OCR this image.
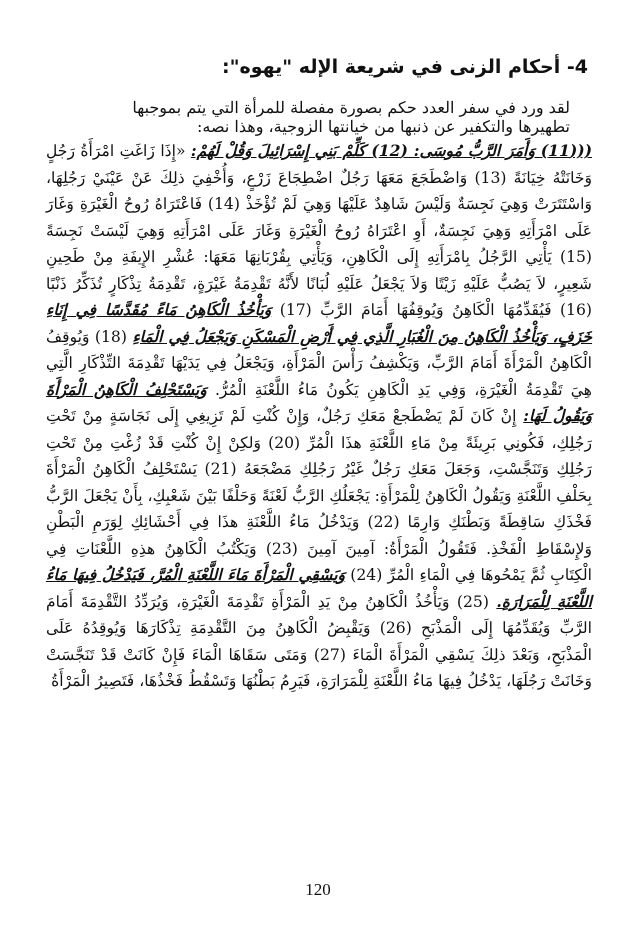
4- أحكام الزنى في شريعة الإله "يهوه":

لقد ورد في سفر العدد حكم بصورة مفصلة للمرأة التي يتم بموجبها تطهيرها والتكفير عن ذنبها من خيانتها الزوجية، وهذا نصه:

(((11) وَأَمَرَ الرَّبُّ مُوسَى: (12) كَلِّمْ بَنِي إِسْرَائِيلَ وَقُلْ لَهُمْ: «إِذَا زَاغَتِ امْرَأَةُ رَجُلٍ وَخَانَتْهُ خِيَانَةً (13) وَاضْطَجَعَ مَعَهَا رَجُلٌ اضْطِجَاعَ زَرْعٍ، وَأُخْفِيَ ذلِكَ عَنْ عَيْنَيْ رَجُلِهَا، وَاسْتَتَرَتْ وَهِيَ نَجِسَةٌ وَلَيْسَ شَاهِدٌ عَلَيْهَا وَهِيَ لَمْ تُؤْخَذْ (14) فَاعْتَرَاهُ رُوحُ الْغَيْرَةِ وَغَارَ عَلَى امْرَأَتِهِ وَهِيَ نَجِسَةٌ، أَوِ اعْتَرَاهُ رُوحُ الْغَيْرَةِ وَغَارَ عَلَى امْرَأَتِهِ وَهِيَ لَيْسَتْ نَجِسَةً (15) يَأْتِي الرَّجُلُ بِامْرَأَتِهِ إِلَى الْكَاهِنِ، وَيَأْتِي بِقُرْبَانِهَا مَعَهَا: عُشْرِ الإِيفَةِ مِنْ طَحِينِ شَعِيرٍ، لاَ يَصُبُّ عَلَيْهِ زَيْتًا وَلاَ يَجْعَلُ عَلَيْهِ لُبَانًا لأَنَّهُ تَقْدِمَةُ غَيْرَةٍ، تَقْدِمَةُ تِذْكَارٍ تُذَكِّرُ ذَنْبًا (16) فَيُقَدِّمُهَا الْكَاهِنُ وَيُوقِفُهَا أَمَامَ الرَّبِّ (17) وَيَأْخُذُ الْكَاهِنُ مَاءً مُقَدَّسًا فِي إِنَاءِ خَزَفٍ، وَيَأْخُذُ الْكَاهِنُ مِنَ الْغُبَارِ الَّذِي فِي أَرْضِ الْمَسْكَنِ وَيَجْعَلُ فِي الْمَاءِ (18) وَيُوقِفُ الْكَاهِنُ الْمَرْأَةَ أَمَامَ الرَّبِّ، وَيَكْشِفُ رَأْسَ الْمَرْأَةِ، وَيَجْعَلُ فِي يَدَيْهَا تَقْدِمَةَ التِّذْكَارِ الَّتِي هِيَ تَقْدِمَةُ الْغَيْرَةِ، وَفِي يَدِ الْكَاهِنِ يَكُونُ مَاءُ اللَّعْنَةِ الْمُرُّ. وَيَسْتَحْلِفُ الْكَاهِنُ الْمَرْأَةَ وَيَقُولُ لَهَا: إِنْ كَانَ لَمْ يَضْطَجعْ مَعَكِ رَجُلٌ، وَإِنْ كُنْتِ لَمْ تَزِيغِي إِلَى نَجَاسَةٍ مِنْ تَحْتِ رَجُلِكِ، فَكُونِي بَرِيئَةً مِنْ مَاءِ اللَّعْنَةِ هذَا الْمُرِّ (20) وَلكِنْ إِنْ كُنْتِ قَدْ زُغْتِ مِنْ تَحْتِ رَجُلِكِ وَتَنَجَّسْتِ، وَجَعَلَ مَعَكِ رَجُلٌ غَيْرُ رَجُلِكِ مَضْجَعَهُ (21) يَسْتَحْلِفُ الْكَاهِنُ الْمَرْأَةَ بِحَلْفِ اللَّعْنَةِ وَيَقُولُ الْكَاهِنُ لِلْمَرْأَةِ: يَجْعَلُكِ الرَّبُّ لَعْنَةً وَحَلْفًا بَيْنَ شَعْبِكِ، بِأَنْ يَجْعَلَ الرَّبُّ فَخْذَكِ سَاقِطَةً وَبَطْنَكِ وَارِمًا (22) وَيَدْخُلُ مَاءُ اللَّعْنَةِ هذَا فِي أَحْشَائِكِ لِوَرَمِ الْبَطْنِ وَلإِسْقَاطِ الْفَخْذِ. فَتَقُولُ الْمَرْأَةُ: آمِينَ آمِينَ (23) وَيَكْتُبُ الْكَاهِنُ هذِهِ اللَّعْنَاتِ فِي الْكِتَابِ ثُمَّ يَمْحُوهَا فِي الْمَاءِ الْمُرِّ (24) وَيَسْقِي الْمَرْأَةَ مَاءَ اللَّعْنَةِ الْمُرَّ، فَيَدْخُلُ فِيهَا مَاءُ اللَّعْنَةِ لِلْمَرَارَةِ. (25) وَيَأْخُذُ الْكَاهِنُ مِنْ يَدِ الْمَرْأَةِ تَقْدِمَةَ الْغَيْرَةِ، وَيُرَدِّدُ التَّقْدِمَةَ أَمَامَ الرَّبِّ وَيُقَدِّمُهَا إِلَى الْمَذْبَحِ (26) وَيَقْبِضُ الْكَاهِنُ مِنَ التَّقْدِمَةِ تِذْكَارَهَا وَيُوقِدُهُ عَلَى الْمَذْبَحِ، وَبَعْدَ ذلِكَ يَسْقِي الْمَرْأَةَ الْمَاءَ (27) وَمَتَى سَقَاهَا الْمَاءَ فَإِنْ كَانَتْ قَدْ تَنَجَّسَتْ وَخَانَتْ رَجُلَهَا، يَدْخُلُ فِيهَا مَاءُ اللَّعْنَةِ لِلْمَرَارَةِ، فَيَرِمُ بَطْنُهَا وَتَسْقُطُ فَخْذُهَا، فَتَصِيرُ الْمَرْأَةُ

120
